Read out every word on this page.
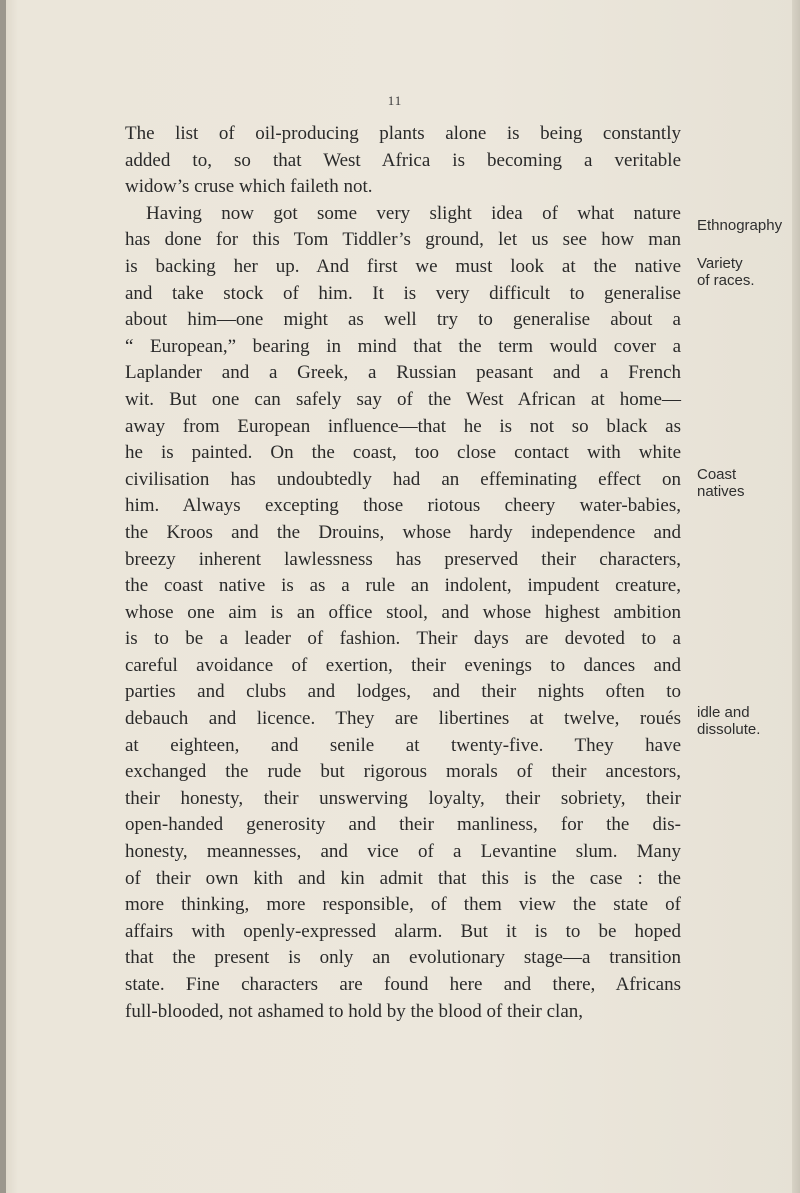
11
The list of oil-producing plants alone is being constantly
added to, so that West Africa is becoming a veritable
widow’s cruse which faileth not.
Having now got some very slight idea of what nature
has done for this Tom Tiddler’s ground, let us see how man
is backing her up. And first we must look at the native
and take stock of him. It is very difficult to generalise
about him—one might as well try to generalise about a
“ European,” bearing in mind that the term would cover a
Laplander and a Greek, a Russian peasant and a French
wit. But one can safely say of the West African at home—
away from European influence—that he is not so black as
he is painted. On the coast, too close contact with white
civilisation has undoubtedly had an effeminating effect on
him. Always excepting those riotous cheery water-babies,
the Kroos and the Drouins, whose hardy independence and
breezy inherent lawlessness has preserved their characters,
the coast native is as a rule an indolent, impudent creature,
whose one aim is an office stool, and whose highest ambition
is to be a leader of fashion. Their days are devoted to a
careful avoidance of exertion, their evenings to dances and
parties and clubs and lodges, and their nights often to
debauch and licence. They are libertines at twelve, roués
at eighteen, and senile at twenty-five. They have
exchanged the rude but rigorous morals of their ancestors,
their honesty, their unswerving loyalty, their sobriety, their
open-handed generosity and their manliness, for the dis-
honesty, meannesses, and vice of a Levantine slum. Many
of their own kith and kin admit that this is the case : the
more thinking, more responsible, of them view the state of
affairs with openly-expressed alarm. But it is to be hoped
that the present is only an evolutionary stage—a transition
state. Fine characters are found here and there, Africans
full-blooded, not ashamed to hold by the blood of their clan,
Ethnography
Variety
of races.
Coast
natives
idle and
dissolute.
